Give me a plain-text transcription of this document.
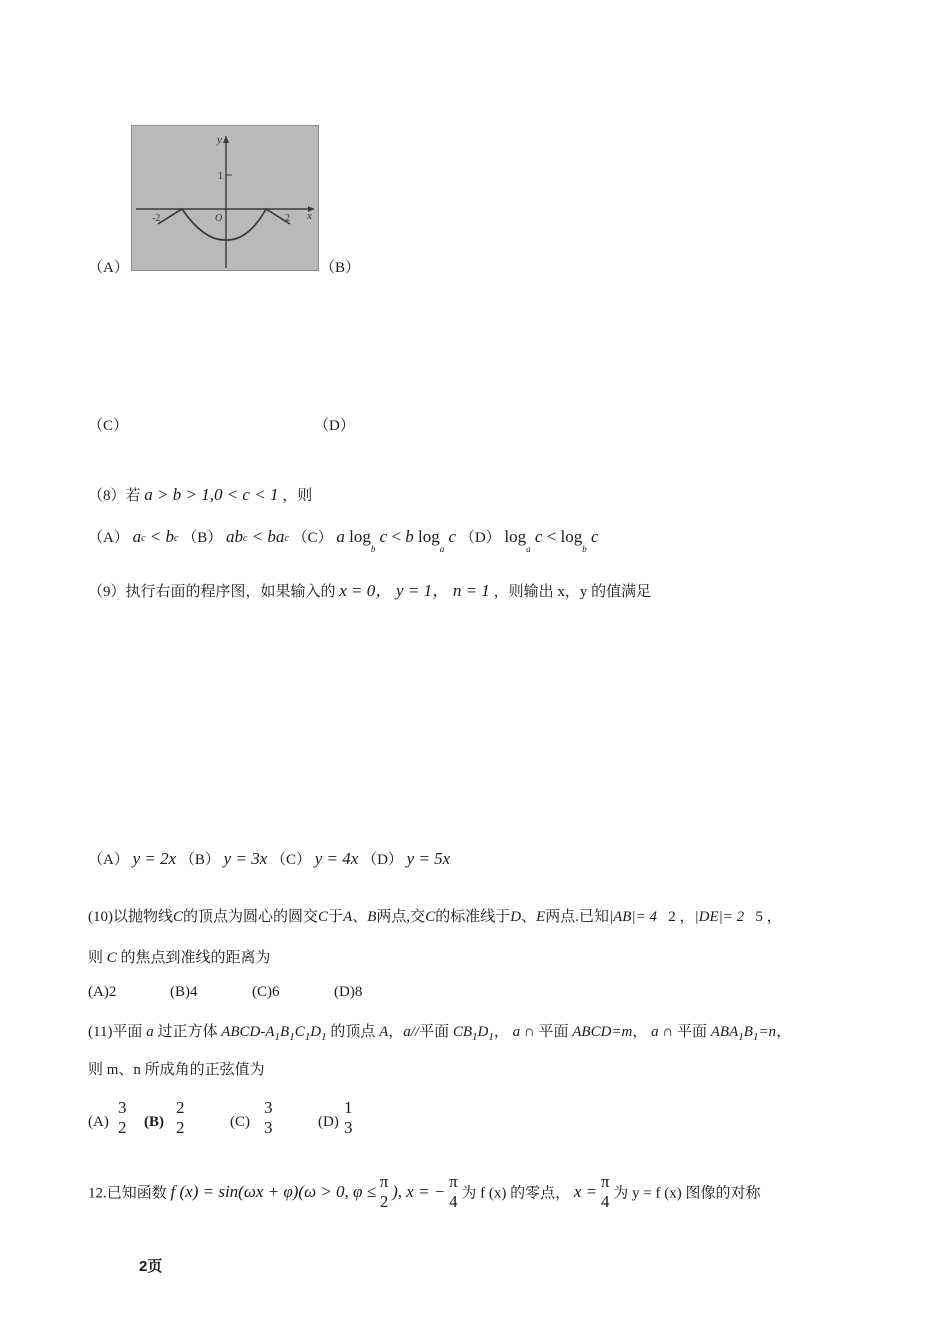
y
x
O
1
-2	2
（A）	（B）
（C）	（D）
（8）若 a > b > 1,0 < c < 1 ，则
（A） ac < bc （B） abc < bac （C） a $\log_b c < b$ $\log_a c$ （D） $\log_a c < \log_b c$
（9）执行右面的程序图，如果输入的 x = 0， y = 1， n = 1 ，则输出 x，y 的值满足
（A） y = 2x （B） y = 3x （C） y = 4x （D） y = 5x
(10)以抛物线C的顶点为圆心的圆交C于A、B两点,交C的标准线于D、E两点.已知|AB|= 4 2 ，|DE|= 2 5 ，
则 C 的焦点到准线的距离为
(A)2	(B)4	(C)6	(D)8
(11)平面 a 过正方体 ABCD-$A_1B_1C_1D_1$ 的顶点 A，a//平面 $CB_1D_1$， a ∩ 平面 ABCD=m， a ∩ 平面 $ABA_1B_1=n$，
则 m、n 所成角的正弦值为
(A)
3
2 (B)
2
2	(C)
3
3	(D)
1
3
12.已知函数 f (x) = sin(ωx + φ)(ω > 0, φ ≤
π
2
), x = −
π
4 为 f (x) 的零点， x =
π
4 为 y = f (x) 图像的对称
2页
